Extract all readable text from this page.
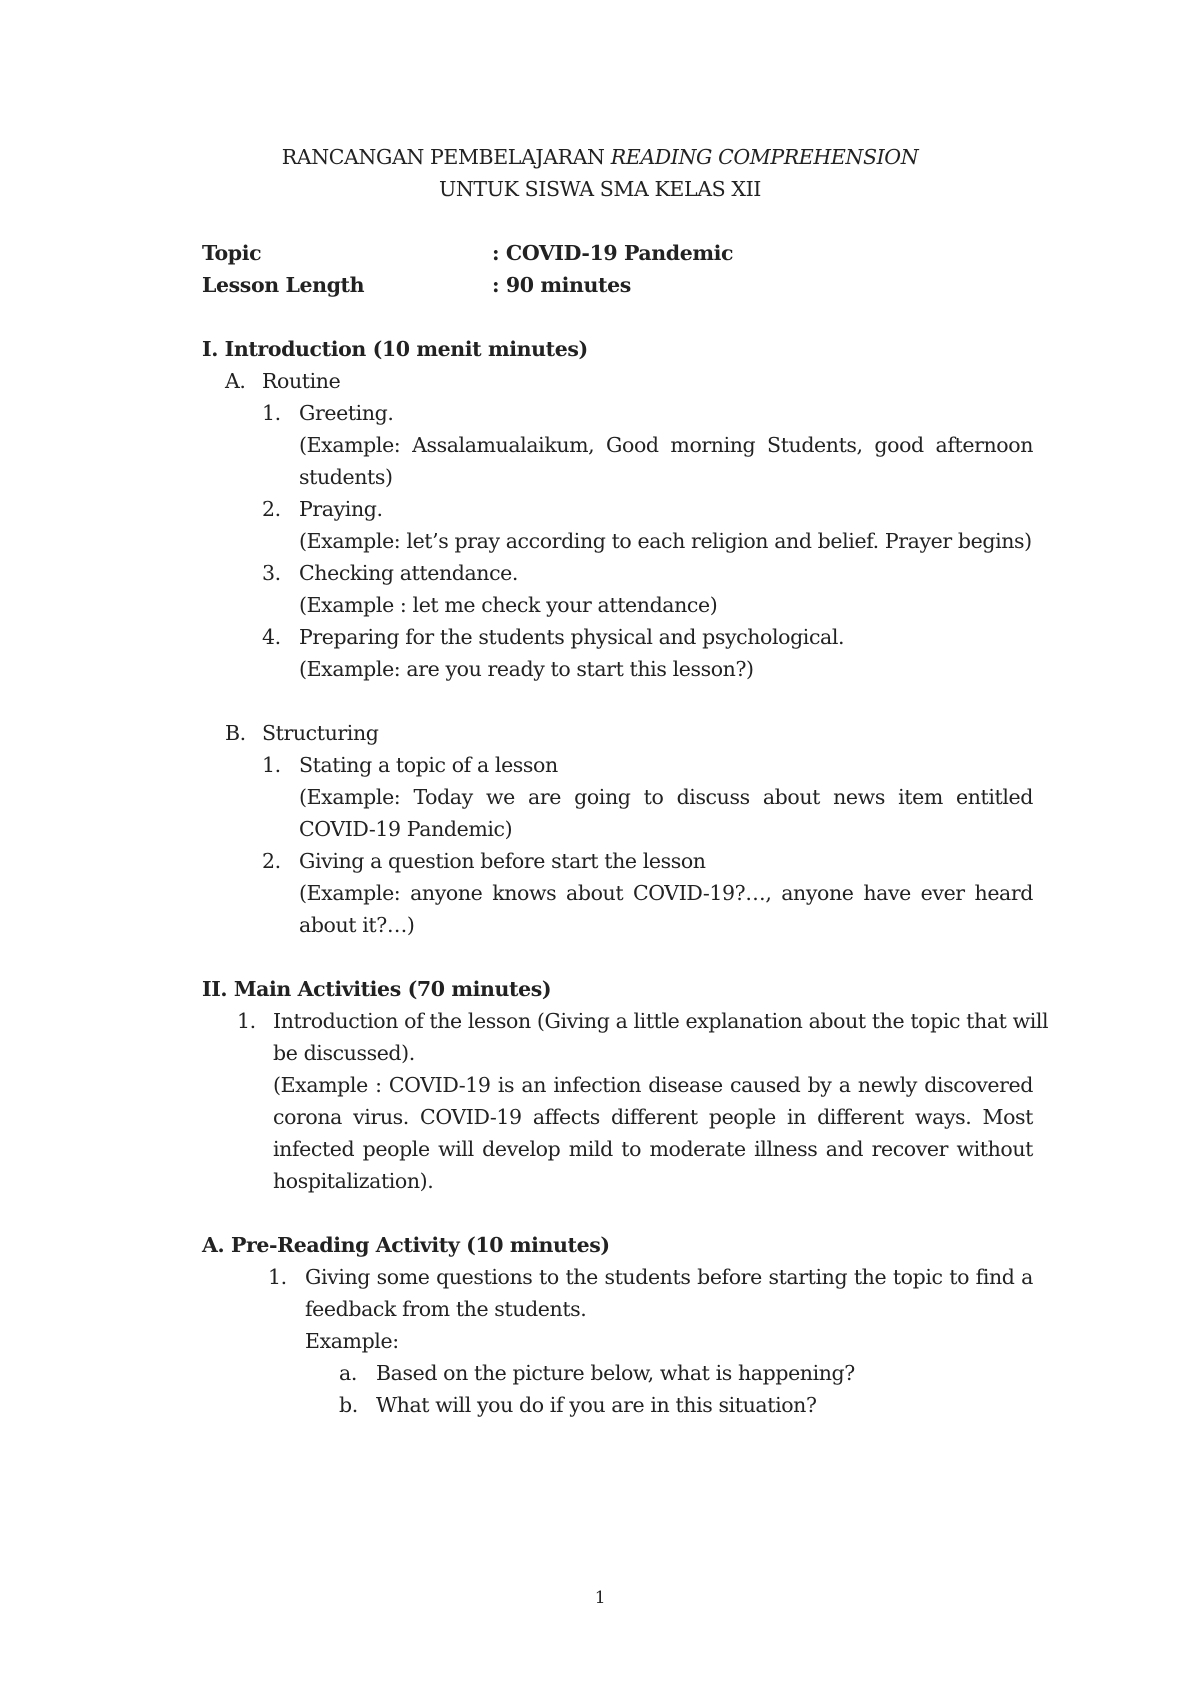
RANCANGAN PEMBELAJARAN READING COMPREHENSION
UNTUK SISWA SMA KELAS XII
Topic	: COVID-19 Pandemic
Lesson Length	: 90 minutes
I. Introduction (10 menit minutes)
A. Routine
1. Greeting.
(Example: Assalamualaikum, Good morning Students, good afternoon
students)
2. Praying.
(Example: let’s pray according to each religion and belief. Prayer begins)
3. Checking attendance.
(Example : let me check your attendance)
4. Preparing for the students physical and psychological.
(Example: are you ready to start this lesson?)
B. Structuring
1. Stating a topic of a lesson
(Example: Today we are going to discuss about news item entitled
COVID-19 Pandemic)
2. Giving a question before start the lesson
(Example: anyone knows about COVID-19?…, anyone have ever heard
about it?…)
II. Main Activities (70 minutes)
1. Introduction of the lesson (Giving a little explanation about the topic that will
be discussed).
(Example : COVID-19 is an infection disease caused by a newly discovered
corona virus. COVID-19 affects different people in different ways. Most
infected people will develop mild to moderate illness and recover without
hospitalization).
A. Pre-Reading Activity (10 minutes)
1. Giving some questions to the students before starting the topic to find a
feedback from the students.
Example:
a. Based on the picture below, what is happening?
b. What will you do if you are in this situation?
1
